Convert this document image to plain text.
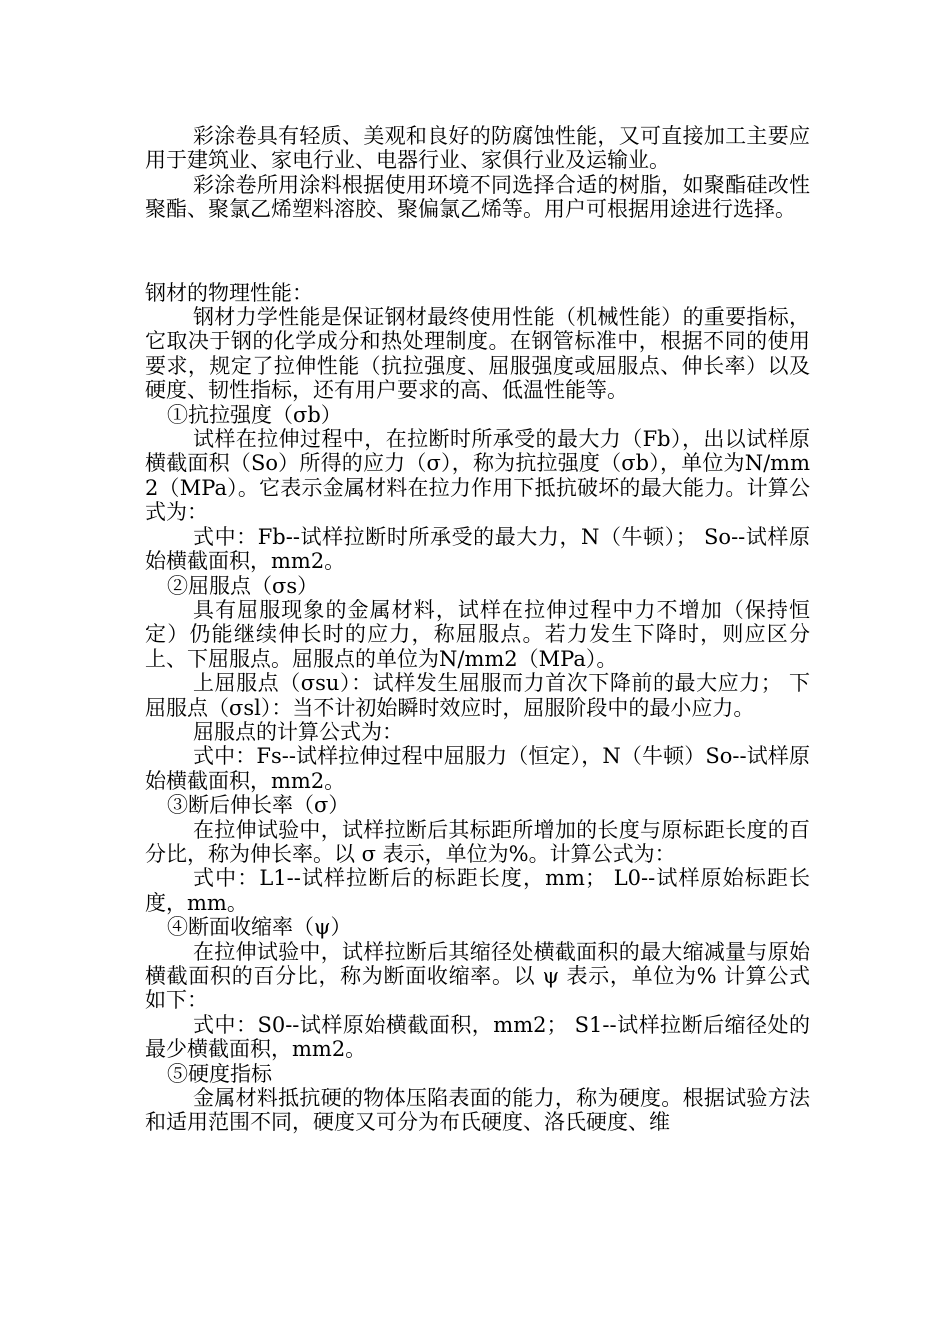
彩涂卷具有轻质、美观和良好的防腐蚀性能，又可直接加工主要应用于建筑业、家电行业、电器行业、家俱行业及运输业。

彩涂卷所用涂料根据使用环境不同选择合适的树脂，如聚酯硅改性聚酯、聚氯乙烯塑料溶胶、聚偏氯乙烯等。用户可根据用途进行选择。

钢材的物理性能：

钢材力学性能是保证钢材最终使用性能（机械性能）的重要指标，它取决于钢的化学成分和热处理制度。在钢管标准中，根据不同的使用要求，规定了拉伸性能（抗拉强度、屈服强度或屈服点、伸长率）以及硬度、韧性指标，还有用户要求的高、低温性能等。

①抗拉强度（σb）

试样在拉伸过程中，在拉断时所承受的最大力（Fb），出以试样原横截面积（So）所得的应力（σ），称为抗拉强度（σb），单位为N/mm2（MPa）。它表示金属材料在拉力作用下抵抗破坏的最大能力。计算公式为：

式中：Fb--试样拉断时所承受的最大力，N（牛顿）； So--试样原始横截面积，mm2。

②屈服点（σs）

具有屈服现象的金属材料，试样在拉伸过程中力不增加（保持恒定）仍能继续伸长时的应力，称屈服点。若力发生下降时，则应区分上、下屈服点。屈服点的单位为N/mm2（MPa）。

上屈服点（σsu）：试样发生屈服而力首次下降前的最大应力； 下屈服点（σsl）：当不计初始瞬时效应时，屈服阶段中的最小应力。

屈服点的计算公式为：

式中：Fs--试样拉伸过程中屈服力（恒定），N（牛顿）So--试样原始横截面积，mm2。

③断后伸长率（σ）

在拉伸试验中，试样拉断后其标距所增加的长度与原标距长度的百分比，称为伸长率。以 σ 表示，单位为%。计算公式为：

式中：L1--试样拉断后的标距长度，mm； L0--试样原始标距长度，mm。

④断面收缩率（ψ）

在拉伸试验中，试样拉断后其缩径处横截面积的最大缩减量与原始横截面积的百分比，称为断面收缩率。以 ψ 表示，单位为% 计算公式如下：

式中：S0--试样原始横截面积，mm2； S1--试样拉断后缩径处的最少横截面积，mm2。

⑤硬度指标

金属材料抵抗硬的物体压陷表面的能力，称为硬度。根据试验方法和适用范围不同，硬度又可分为布氏硬度、洛氏硬度、维
